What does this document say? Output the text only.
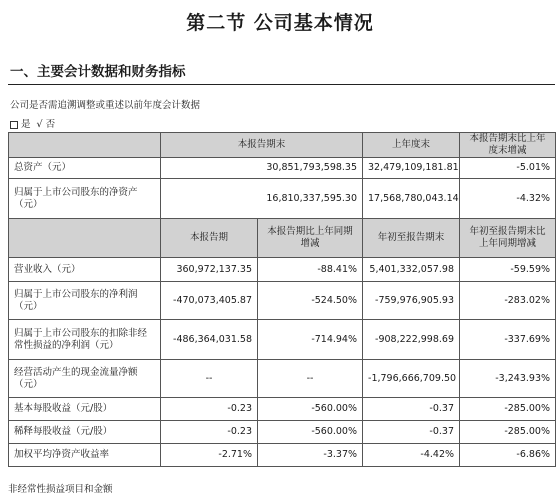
第二节 公司基本情况
一、主要会计数据和财务指标
公司是否需追溯调整或重述以前年度会计数据
是 √ 否
	本报告期末		上年度末	本报告期末比上年度末增减
总资产（元）	30,851,793,598.35		32,479,109,181.81	-5.01%
归属于上市公司股东的净资产（元）	16,810,337,595.30		17,568,780,043.14	-4.32%
	本报告期	本报告期比上年同期增减	年初至报告期末	年初至报告期末比上年同期增减
营业收入（元）	360,972,137.35	-88.41%	5,401,332,057.98	-59.59%
归属于上市公司股东的净利润（元）	-470,073,405.87	-524.50%	-759,976,905.93	-283.02%
归属于上市公司股东的扣除非经常性损益的净利润（元）	-486,364,031.58	-714.94%	-908,222,998.69	-337.69%
经营活动产生的现金流量净额（元）	--	--	-1,796,666,709.50	-3,243.93%
基本每股收益（元/股）	-0.23	-560.00%	-0.37	-285.00%
稀释每股收益（元/股）	-0.23	-560.00%	-0.37	-285.00%
加权平均净资产收益率	-2.71%	-3.37%	-4.42%	-6.86%
非经常性损益项目和金额
